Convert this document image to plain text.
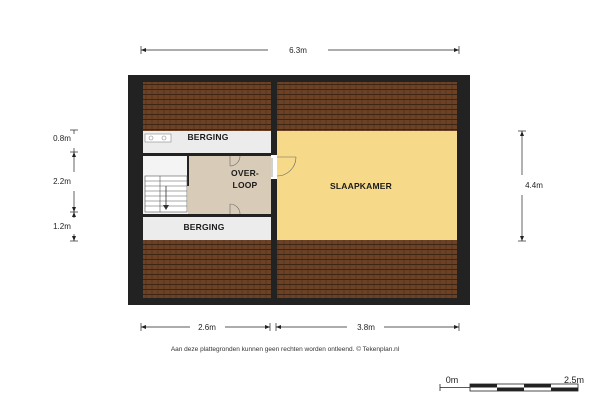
BERGING
OVER-
LOOP
BERGING
SLAAPKAMER
6.3m
2.6m	3.8m
0.8m
2.2m
1.2m
4.4m
Aan deze plattegronden kunnen geen rechten worden ontleend. © Tekenplan.nl
0m	2.5m
